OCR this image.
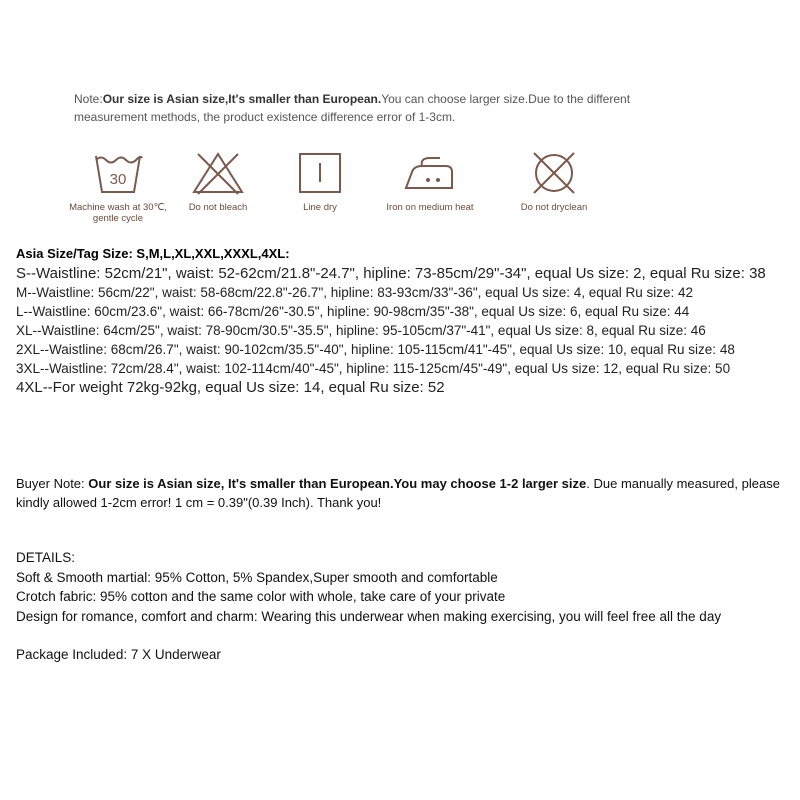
Note:Our size is Asian size,It's smaller than European.You can choose larger size.Due to the different measurement methods, the product existence difference error of 1-3cm.
30
Machine wash at 30℃, gentle cycle
Do not bleach	Line dry	Iron on medium heat	Do not dryclean
Asia Size/Tag Size: S,M,L,XL,XXL,XXXL,4XL:
S--Waistline: 52cm/21", waist: 52-62cm/21.8"-24.7", hipline: 73-85cm/29"-34", equal Us size: 2, equal Ru size: 38
M--Waistline: 56cm/22", waist: 58-68cm/22.8"-26.7", hipline: 83-93cm/33"-36", equal Us size: 4, equal Ru size: 42
L--Waistline: 60cm/23.6", waist: 66-78cm/26"-30.5", hipline: 90-98cm/35"-38", equal Us size: 6, equal Ru size: 44
XL--Waistline: 64cm/25", waist: 78-90cm/30.5"-35.5", hipline: 95-105cm/37"-41", equal Us size: 8, equal Ru size: 46
2XL--Waistline: 68cm/26.7", waist: 90-102cm/35.5"-40", hipline: 105-115cm/41"-45", equal Us size: 10, equal Ru size: 48
3XL--Waistline: 72cm/28.4", waist: 102-114cm/40"-45", hipline: 115-125cm/45"-49", equal Us size: 12, equal Ru size: 50
4XL--For weight 72kg-92kg, equal Us size: 14, equal Ru size: 52
Buyer Note: Our size is Asian size, It's smaller than European.You may choose 1-2 larger size. Due manually measured, please kindly allowed 1-2cm error! 1 cm = 0.39"(0.39 Inch). Thank you!
DETAILS:
Soft & Smooth martial: 95% Cotton, 5% Spandex,Super smooth and comfortable
Crotch fabric: 95% cotton and the same color with whole, take care of your private
Design for romance, comfort and charm: Wearing this underwear when making exercising, you will feel free all the day
Package Included: 7 X Underwear
